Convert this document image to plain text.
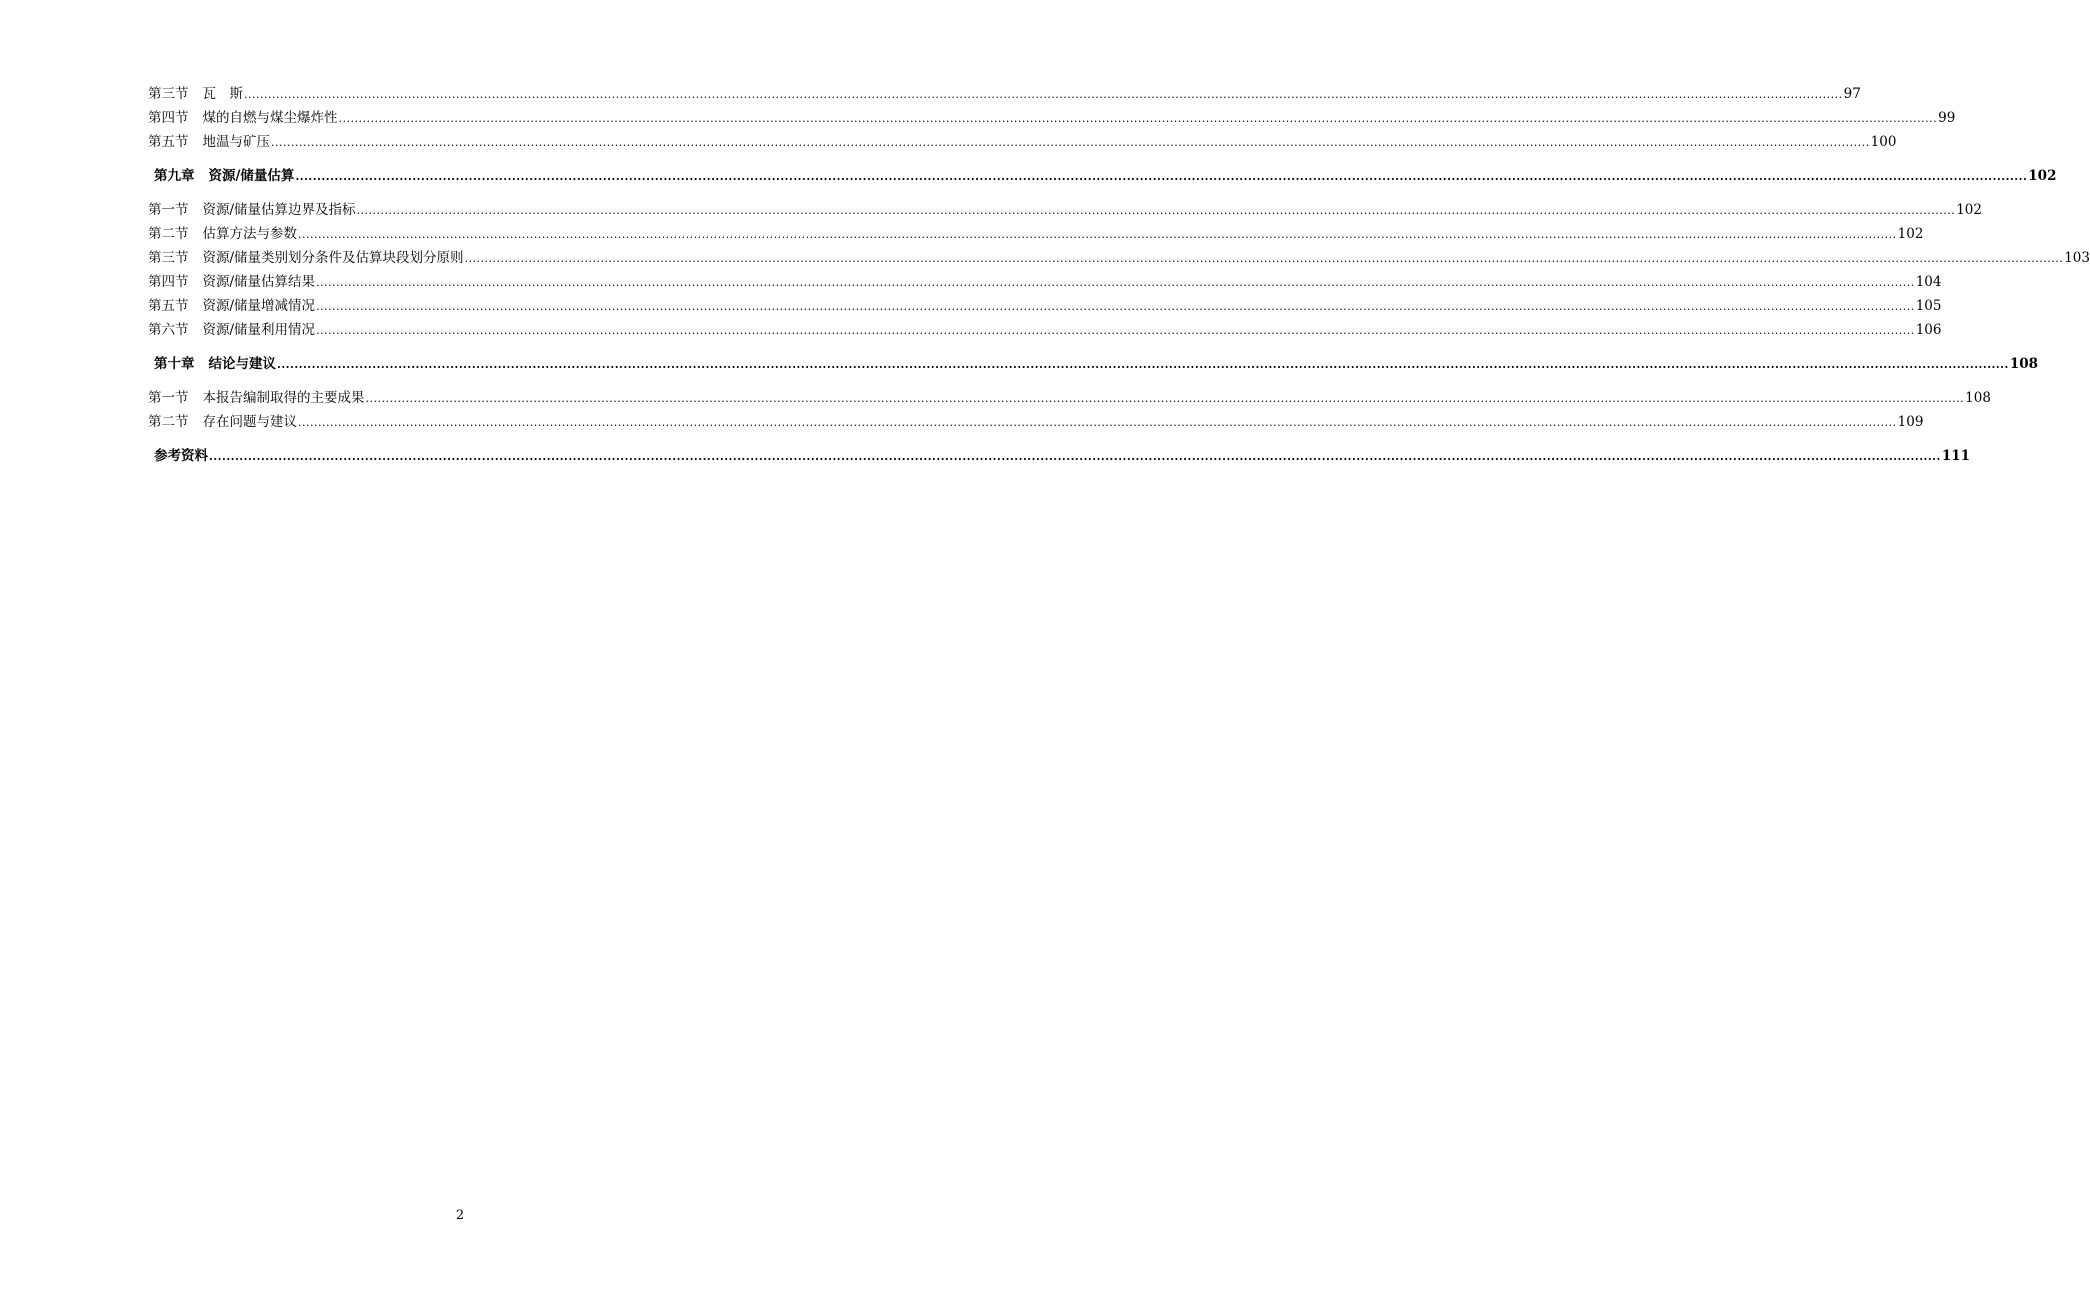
第三节 瓦　斯 ................................................................................................................................................................................................................................................................................................................................................................................................................ 97
第四节 煤的自燃与煤尘爆炸性 ................................................................................................................................................................................................................................................................................................................................................................................................................ 99
第五节 地温与矿压 ................................................................................................................................................................................................................................................................................................................................................................................................................ 100
第九章 资源/储量估算 ................................................................................................................................................................................................................................................................................................................................................................................................................ 102
第一节 资源/储量估算边界及指标 ................................................................................................................................................................................................................................................................................................................................................................................................................ 102
第二节 估算方法与参数 ................................................................................................................................................................................................................................................................................................................................................................................................................ 102
第三节 资源/储量类别划分条件及估算块段划分原则 ................................................................................................................................................................................................................................................................................................................................................................................................................ 103
第四节 资源/储量估算结果 ................................................................................................................................................................................................................................................................................................................................................................................................................ 104
第五节 资源/储量增减情况 ................................................................................................................................................................................................................................................................................................................................................................................................................ 105
第六节 资源/储量利用情况 ................................................................................................................................................................................................................................................................................................................................................................................................................ 106
第十章 结论与建议 ................................................................................................................................................................................................................................................................................................................................................................................................................ 108
第一节 本报告编制取得的主要成果 ................................................................................................................................................................................................................................................................................................................................................................................................................ 108
第二节 存在问题与建议 ................................................................................................................................................................................................................................................................................................................................................................................................................ 109
参考资料 ................................................................................................................................................................................................................................................................................................................................................................................................................ 111
2
